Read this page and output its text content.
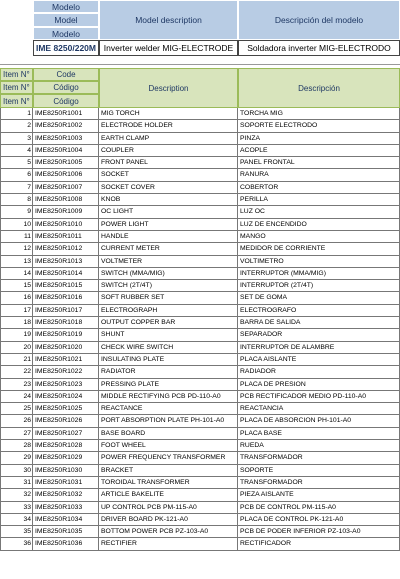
Modelo
Model
Modelo
Model description	Descripción del modelo
IME 8250/220M Inverter welder MIG-ELECTRODE	Soldadora inverter MIG-ELECTRODO
Item N°
Item N°
Item N°
Code
Código
Código
Description	Descripción
1 IME8250R1001	MIG TORCH	TORCHA MIG
2 IME8250R1002	ELECTRODE HOLDER	SOPORTE ELECTRODO
3 IME8250R1003	EARTH CLAMP	PINZA
4 IME8250R1004	COUPLER	ACOPLE
5 IME8250R1005	FRONT PANEL	PANEL FRONTAL
6 IME8250R1006	SOCKET	RANURA
7 IME8250R1007	SOCKET COVER	COBERTOR
8 IME8250R1008	KNOB	PERILLA
9 IME8250R1009	OC LIGHT	LUZ OC
10 IME8250R1010	POWER LIGHT	LUZ DE ENCENDIDO
11 IME8250R1011	HANDLE	MANGO
12 IME8250R1012	CURRENT METER	MEDIDOR DE CORRIENTE
13 IME8250R1013	VOLTMETER	VOLTIMETRO
14 IME8250R1014	SWITCH (MMA/MIG)	INTERRUPTOR (MMA/MIG)
15 IME8250R1015	SWITCH (2T/4T)	INTERRUPTOR (2T/4T)
16 IME8250R1016	SOFT RUBBER SET	SET DE GOMA
17 IME8250R1017	ELECTROGRAPH	ELECTROGRAFO
18 IME8250R1018	OUTPUT COPPER BAR	BARRA DE SALIDA
19 IME8250R1019	SHUNT	SEPARADOR
20 IME8250R1020	CHECK WIRE SWITCH	INTERRUPTOR DE ALAMBRE
21 IME8250R1021	INSULATING PLATE	PLACA AISLANTE
22 IME8250R1022	RADIATOR	RADIADOR
23 IME8250R1023	PRESSING PLATE	PLACA DE PRESION
24 IME8250R1024	MIDDLE RECTIFYING PCB PD-110-A0	PCB RECTIFICADOR MEDIO PD-110-A0
25 IME8250R1025	REACTANCE	REACTANCIA
26 IME8250R1026	PORT ABSORPTION PLATE PH-101-A0	PLACA DE ABSORCION PH-101-A0
27 IME8250R1027	BASE BOARD	PLACA BASE
28 IME8250R1028	FOOT WHEEL	RUEDA
29 IME8250R1029	POWER FREQUENCY TRANSFORMER	TRANSFORMADOR
30 IME8250R1030	BRACKET	SOPORTE
31 IME8250R1031	TOROIDAL TRANSFORMER	TRANSFORMADOR
32 IME8250R1032	ARTICLE BAKELITE	PIEZA AISLANTE
33 IME8250R1033	UP CONTROL PCB PM-115-A0	PCB DE CONTROL PM-115-A0
34 IME8250R1034	DRIVER BOARD PK-121-A0	PLACA DE CONTROL PK-121-A0
35 IME8250R1035	BOTTOM POWER PCB PZ-103-A0	PCB DE PODER INFERIOR PZ-103-A0
36 IME8250R1036	RECTIFIER	RECTIFICADOR
